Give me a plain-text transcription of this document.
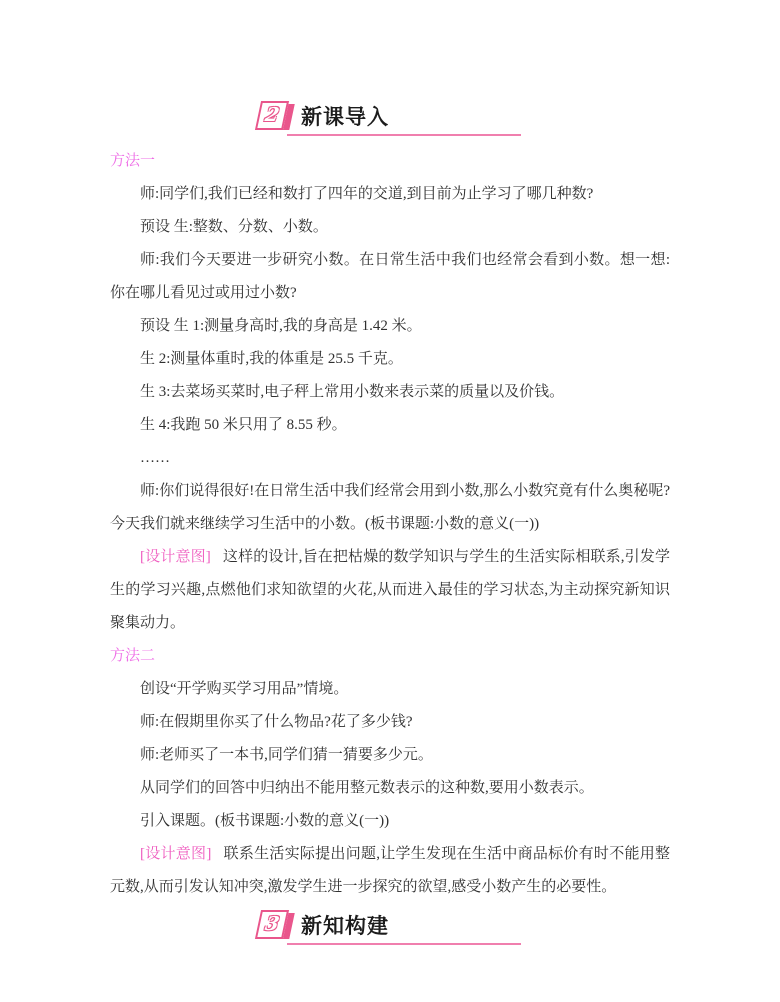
2 新课导入

方法一

师:同学们,我们已经和数打了四年的交道,到目前为止学习了哪几种数?

预设 生:整数、分数、小数。

师:我们今天要进一步研究小数。在日常生活中我们也经常会看到小数。想一想:你在哪儿看见过或用过小数?

预设 生 1:测量身高时,我的身高是 1.42 米。

生 2:测量体重时,我的体重是 25.5 千克。

生 3:去菜场买菜时,电子秤上常用小数来表示菜的质量以及价钱。

生 4:我跑 50 米只用了 8.55 秒。

……

师:你们说得很好!在日常生活中我们经常会用到小数,那么小数究竟有什么奥秘呢?今天我们就来继续学习生活中的小数。(板书课题:小数的意义(一))

[设计意图] 这样的设计,旨在把枯燥的数学知识与学生的生活实际相联系,引发学生的学习兴趣,点燃他们求知欲望的火花,从而进入最佳的学习状态,为主动探究新知识聚集动力。

方法二

创设“开学购买学习用品”情境。

师:在假期里你买了什么物品?花了多少钱?

师:老师买了一本书,同学们猜一猜要多少元。

从同学们的回答中归纳出不能用整元数表示的这种数,要用小数表示。

引入课题。(板书课题:小数的意义(一))

[设计意图] 联系生活实际提出问题,让学生发现在生活中商品标价有时不能用整元数,从而引发认知冲突,激发学生进一步探究的欲望,感受小数产生的必要性。

3 新知构建
